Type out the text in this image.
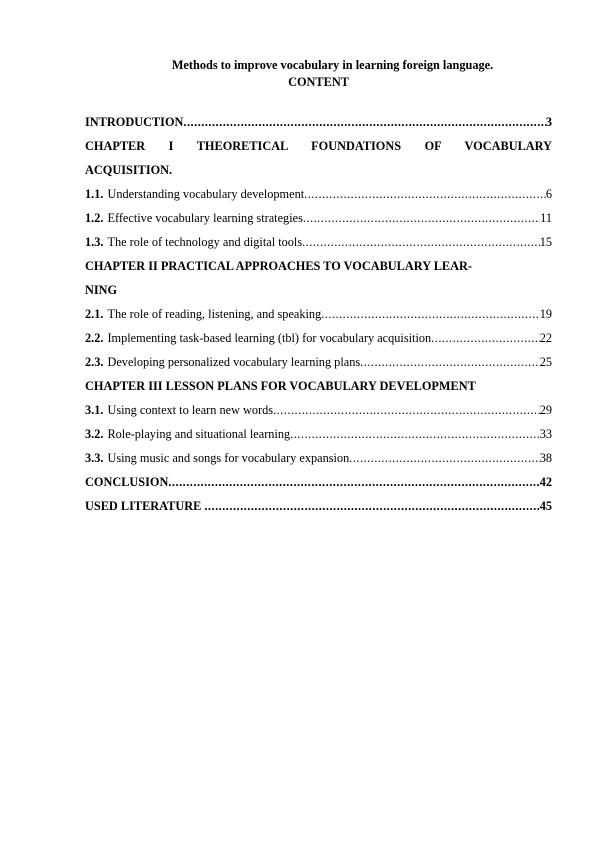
Methods to improve vocabulary in learning foreign language.
CONTENT
INTRODUCTION .....	3
CHAPTER I THEORETICAL FOUNDATIONS OF VOCABULARY
ACQUISITION.
1.1. Understanding vocabulary development .....	6
1.2. Effective vocabulary learning strategies .....	11
1.3. The role of technology and digital tools .....	15
CHAPTER II PRACTICAL APPROACHES TO VOCABULARY LEAR-
NING
2.1. The role of reading, listening, and speaking .....	19
2.2. Implementing task-based learning (tbl) for vocabulary acquisition .....	22
2.3. Developing personalized vocabulary learning plans .....	25
CHAPTER III LESSON PLANS FOR VOCABULARY DEVELOPMENT
3.1. Using context to learn new words .....	29
3.2. Role-playing and situational learning .....	33
3.3. Using music and songs for vocabulary expansion .....	38
CONCLUSION .....	42
USED LITERATURE .....	45
